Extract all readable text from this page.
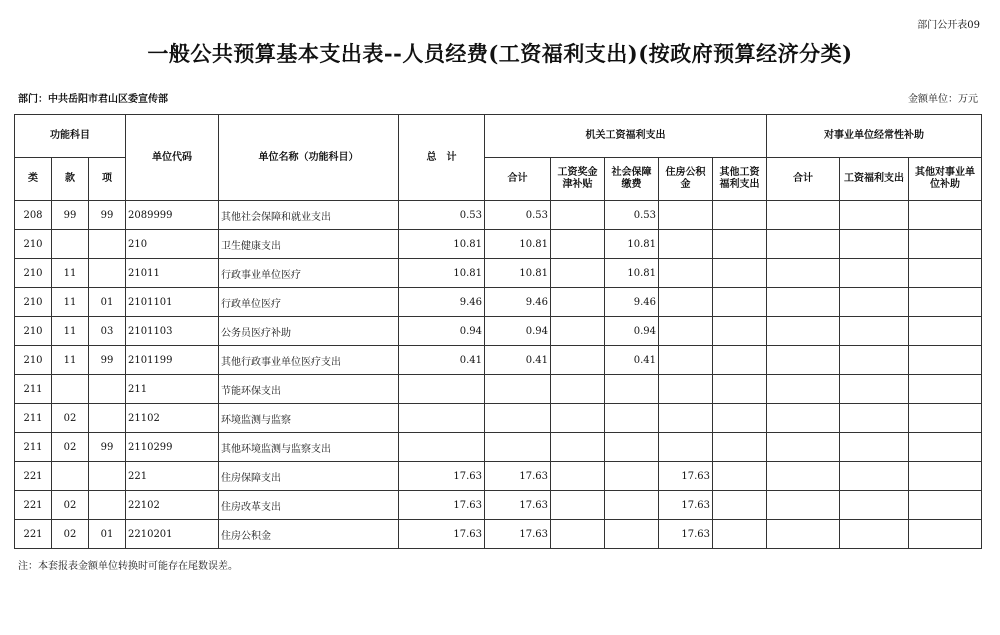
部门公开表09
一般公共预算基本支出表--人员经费(工资福利支出)(按政府预算经济分类)
部门：中共岳阳市君山区委宣传部	金额单位：万元
功能科目			单位代码	单位名称（功能科目）	总　计	机关工资福利支出					对事业单位经常性补助		
类	款	项				合计	工资奖金津补贴	社会保障缴费	住房公积金	其他工资福利支出	合计	工资福利支出	其他对事业单位补助
208	99	99	2089999	其他社会保障和就业支出	0.53	0.53		0.53					
210			210	卫生健康支出	10.81	10.81		10.81					
210	11		21011	行政事业单位医疗	10.81	10.81		10.81					
210	11	01	2101101	行政单位医疗	9.46	9.46		9.46					
210	11	03	2101103	公务员医疗补助	0.94	0.94		0.94					
210	11	99	2101199	其他行政事业单位医疗支出	0.41	0.41		0.41					
211			211	节能环保支出									
211	02		21102	环境监测与监察									
211	02	99	2110299	其他环境监测与监察支出									
221			221	住房保障支出	17.63	17.63			17.63				
221	02		22102	住房改革支出	17.63	17.63			17.63				
221	02	01	2210201	住房公积金	17.63	17.63			17.63				
注：本套报表金额单位转换时可能存在尾数误差。
